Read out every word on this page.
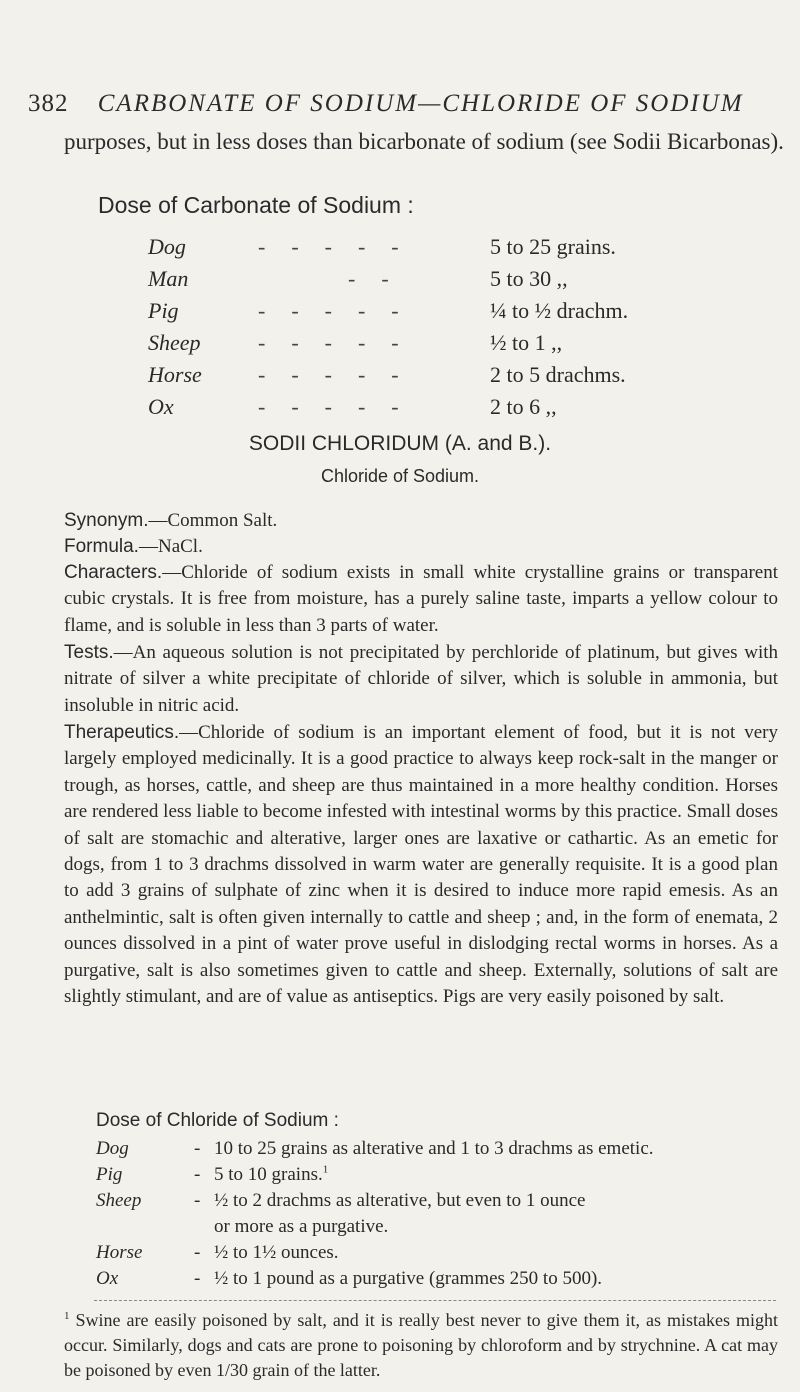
382 CARBONATE OF SODIUM—CHLORIDE OF SODIUM
purposes, but in less doses than bicarbonate of sodium (see Sodii Bicarbonas).
Dose of Carbonate of Sodium :
Dog	-----	5 to 25 grains.
Man	--	5 to 30 ,,
Pig	-----	¼ to ½ drachm.
Sheep	-----	½ to 1 ,,
Horse	-----	2 to 5 drachms.
Ox	-----	2 to 6 ,,
SODII CHLORIDUM (A. and B.).
Chloride of Sodium.
Synonym.—Common Salt.
Formula.—NaCl.
Characters.—Chloride of sodium exists in small white crystalline grains or transparent cubic crystals. It is free from moisture, has a purely saline taste, imparts a yellow colour to flame, and is soluble in less than 3 parts of water.
Tests.—An aqueous solution is not precipitated by perchloride of platinum, but gives with nitrate of silver a white precipitate of chloride of silver, which is soluble in ammonia, but insoluble in nitric acid.
Therapeutics.—Chloride of sodium is an important element of food, but it is not very largely employed medicinally. It is a good practice to always keep rock-salt in the manger or trough, as horses, cattle, and sheep are thus maintained in a more healthy condition. Horses are rendered less liable to become infested with intestinal worms by this practice. Small doses of salt are stomachic and alterative, larger ones are laxative or cathartic. As an emetic for dogs, from 1 to 3 drachms dissolved in warm water are generally requisite. It is a good plan to add 3 grains of sulphate of zinc when it is desired to induce more rapid emesis. As an anthelmintic, salt is often given internally to cattle and sheep ; and, in the form of enemata, 2 ounces dissolved in a pint of water prove useful in dislodging rectal worms in horses. As a purgative, salt is also sometimes given to cattle and sheep. Externally, solutions of salt are slightly stimulant, and are of value as antiseptics. Pigs are very easily poisoned by salt.
Dose of Chloride of Sodium :
Dog	- 10 to 25 grains as alterative and 1 to 3 drachms as emetic.
Pig	- 5 to 10 grains.$^1$
Sheep	- ½ to 2 drachms as alterative, but even to 1 ounce
or more as a purgative.
Horse	- ½ to 1½ ounces.
Ox	- ½ to 1 pound as a purgative (grammes 250 to 500).
$^1$ Swine are easily poisoned by salt, and it is really best never to give them it, as mistakes might occur. Similarly, dogs and cats are prone to poisoning by chloroform and by strychnine. A cat may be poisoned by even 1/30 grain of the latter.
